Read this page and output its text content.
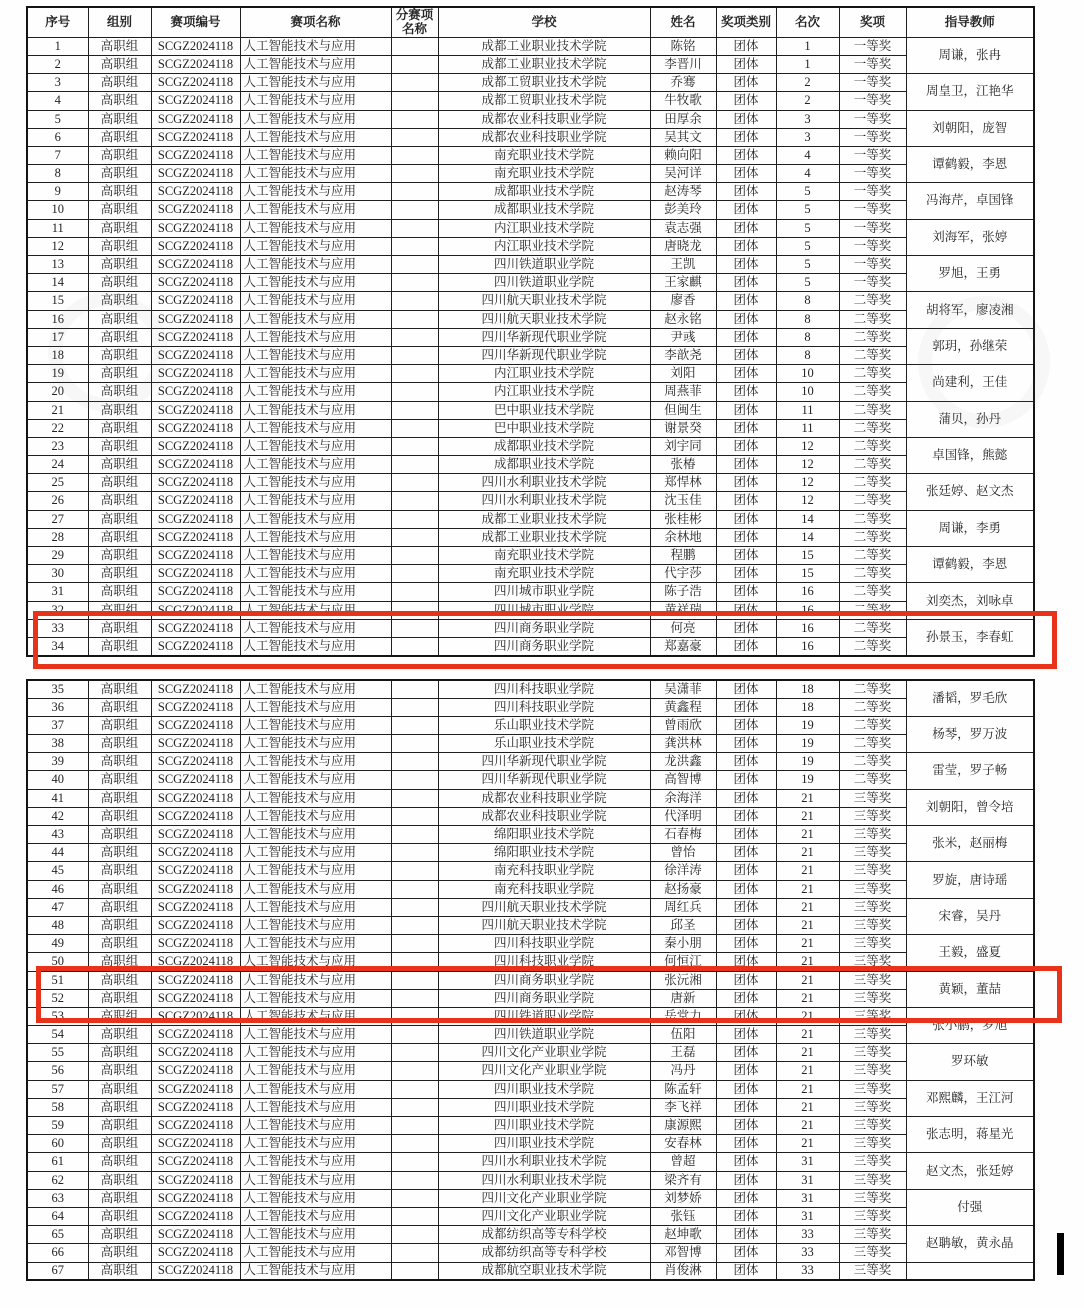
序号	组别	赛项编号	赛项名称	分赛项名称	学校	姓名	奖项类别	名次	奖项	指导教师
1	高职组	SCGZ2024118	人工智能技术与应用		成都工业职业技术学院	陈铭	团体	1	一等奖	周谦，张冉
2	高职组	SCGZ2024118	人工智能技术与应用		成都工业职业技术学院	李晋川	团体	1	一等奖	
3	高职组	SCGZ2024118	人工智能技术与应用		成都工贸职业技术学院	乔骞	团体	2	一等奖	周皇卫，江艳华
4	高职组	SCGZ2024118	人工智能技术与应用		成都工贸职业技术学院	牛牧歌	团体	2	一等奖	
5	高职组	SCGZ2024118	人工智能技术与应用		成都农业科技职业学院	田厚余	团体	3	一等奖	刘朝阳，庞智
6	高职组	SCGZ2024118	人工智能技术与应用		成都农业科技职业学院	吴其文	团体	3	一等奖	
7	高职组	SCGZ2024118	人工智能技术与应用		南充职业技术学院	赖向阳	团体	4	一等奖	谭鹤毅，李恩
8	高职组	SCGZ2024118	人工智能技术与应用		南充职业技术学院	吴河详	团体	4	一等奖	
9	高职组	SCGZ2024118	人工智能技术与应用		成都职业技术学院	赵涛琴	团体	5	一等奖	冯海芹，卓国锋
10	高职组	SCGZ2024118	人工智能技术与应用		成都职业技术学院	彭美玲	团体	5	一等奖	
11	高职组	SCGZ2024118	人工智能技术与应用		内江职业技术学院	袁志强	团体	5	一等奖	刘海军，张婷
12	高职组	SCGZ2024118	人工智能技术与应用		内江职业技术学院	唐晓龙	团体	5	一等奖	
13	高职组	SCGZ2024118	人工智能技术与应用		四川铁道职业学院	王凯	团体	5	一等奖	罗旭，王勇
14	高职组	SCGZ2024118	人工智能技术与应用		四川铁道职业学院	王家麒	团体	5	一等奖	
15	高职组	SCGZ2024118	人工智能技术与应用		四川航天职业技术学院	廖香	团体	8	二等奖	胡将军，廖凌湘
16	高职组	SCGZ2024118	人工智能技术与应用		四川航天职业技术学院	赵永铭	团体	8	二等奖	
17	高职组	SCGZ2024118	人工智能技术与应用		四川华新现代职业学院	尹彧	团体	8	二等奖	郭玥，孙继荣
18	高职组	SCGZ2024118	人工智能技术与应用		四川华新现代职业学院	李歆尧	团体	8	二等奖	
19	高职组	SCGZ2024118	人工智能技术与应用		内江职业技术学院	刘阳	团体	10	二等奖	尚建利，王佳
20	高职组	SCGZ2024118	人工智能技术与应用		内江职业技术学院	周燕菲	团体	10	二等奖	
21	高职组	SCGZ2024118	人工智能技术与应用		巴中职业技术学院	但闽生	团体	11	二等奖	蒲贝，孙丹
22	高职组	SCGZ2024118	人工智能技术与应用		巴中职业技术学院	谢景癸	团体	11	二等奖	
23	高职组	SCGZ2024118	人工智能技术与应用		成都职业技术学院	刘宇同	团体	12	二等奖	卓国锋，熊懿
24	高职组	SCGZ2024118	人工智能技术与应用		成都职业技术学院	张椿	团体	12	二等奖	
25	高职组	SCGZ2024118	人工智能技术与应用		四川水利职业技术学院	郑悍林	团体	12	二等奖	张廷婷、赵文杰
26	高职组	SCGZ2024118	人工智能技术与应用		四川水利职业技术学院	沈玉佳	团体	12	二等奖	
27	高职组	SCGZ2024118	人工智能技术与应用		成都工业职业技术学院	张桂彬	团体	14	二等奖	周谦，李勇
28	高职组	SCGZ2024118	人工智能技术与应用		成都工业职业技术学院	余林地	团体	14	二等奖	
29	高职组	SCGZ2024118	人工智能技术与应用		南充职业技术学院	程鹏	团体	15	二等奖	谭鹤毅，李恩
30	高职组	SCGZ2024118	人工智能技术与应用		南充职业技术学院	代宇莎	团体	15	二等奖	
31	高职组	SCGZ2024118	人工智能技术与应用		四川城市职业学院	陈子浩	团体	16	二等奖	刘奕杰，刘咏卓
32	高职组	SCGZ2024118	人工智能技术与应用		四川城市职业学院	黄祥瑞	团体	16	二等奖	
33	高职组	SCGZ2024118	人工智能技术与应用		四川商务职业学院	何亮	团体	16	二等奖	孙景玉，李春虹
34	高职组	SCGZ2024118	人工智能技术与应用		四川商务职业学院	郑嘉豪	团体	16	二等奖	
35	高职组	SCGZ2024118	人工智能技术与应用		四川科技职业学院	吴潇菲	团体	18	二等奖	潘韬，罗毛欣
36	高职组	SCGZ2024118	人工智能技术与应用		四川科技职业学院	黄鑫程	团体	18	二等奖	
37	高职组	SCGZ2024118	人工智能技术与应用		乐山职业技术学院	曾雨欣	团体	19	二等奖	杨琴，罗万波
38	高职组	SCGZ2024118	人工智能技术与应用		乐山职业技术学院	龚洪林	团体	19	二等奖	
39	高职组	SCGZ2024118	人工智能技术与应用		四川华新现代职业学院	龙洪鑫	团体	19	二等奖	雷莹，罗子畅
40	高职组	SCGZ2024118	人工智能技术与应用		四川华新现代职业学院	高智博	团体	19	二等奖	
41	高职组	SCGZ2024118	人工智能技术与应用		成都农业科技职业学院	余海洋	团体	21	三等奖	刘朝阳，曾令培
42	高职组	SCGZ2024118	人工智能技术与应用		成都农业科技职业学院	代泽明	团体	21	三等奖	
43	高职组	SCGZ2024118	人工智能技术与应用		绵阳职业技术学院	石春梅	团体	21	三等奖	张米，赵丽梅
44	高职组	SCGZ2024118	人工智能技术与应用		绵阳职业技术学院	曾怡	团体	21	三等奖	
45	高职组	SCGZ2024118	人工智能技术与应用		南充科技职业学院	徐洋涛	团体	21	三等奖	罗旋，唐诗瑶
46	高职组	SCGZ2024118	人工智能技术与应用		南充科技职业学院	赵扬豪	团体	21	三等奖	
47	高职组	SCGZ2024118	人工智能技术与应用		四川航天职业技术学院	周红兵	团体	21	三等奖	宋睿，吴丹
48	高职组	SCGZ2024118	人工智能技术与应用		四川航天职业技术学院	邱圣	团体	21	三等奖	
49	高职组	SCGZ2024118	人工智能技术与应用		四川科技职业学院	秦小朋	团体	21	三等奖	王毅，盛夏
50	高职组	SCGZ2024118	人工智能技术与应用		四川科技职业学院	何恒江	团体	21	三等奖	
51	高职组	SCGZ2024118	人工智能技术与应用		四川商务职业学院	张沅湘	团体	21	三等奖	黄颖，董喆
52	高职组	SCGZ2024118	人工智能技术与应用		四川商务职业学院	唐新	团体	21	三等奖	
53	高职组	SCGZ2024118	人工智能技术与应用		四川铁道职业学院	岳堂力	团体	21	三等奖	张小鹏，罗旭
54	高职组	SCGZ2024118	人工智能技术与应用		四川铁道职业学院	伍阳	团体	21	三等奖	
55	高职组	SCGZ2024118	人工智能技术与应用		四川文化产业职业学院	王磊	团体	21	三等奖	罗环敏
56	高职组	SCGZ2024118	人工智能技术与应用		四川文化产业职业学院	冯丹	团体	21	三等奖	
57	高职组	SCGZ2024118	人工智能技术与应用		四川职业技术学院	陈孟轩	团体	21	三等奖	邓熙麟，王江河
58	高职组	SCGZ2024118	人工智能技术与应用		四川职业技术学院	李飞祥	团体	21	三等奖	
59	高职组	SCGZ2024118	人工智能技术与应用		四川职业技术学院	康源熙	团体	21	三等奖	张志明，蒋星光
60	高职组	SCGZ2024118	人工智能技术与应用		四川职业技术学院	安春林	团体	21	三等奖	
61	高职组	SCGZ2024118	人工智能技术与应用		四川水利职业技术学院	曾超	团体	31	三等奖	赵文杰，张廷婷
62	高职组	SCGZ2024118	人工智能技术与应用		四川水利职业技术学院	梁齐有	团体	31	三等奖	
63	高职组	SCGZ2024118	人工智能技术与应用		四川文化产业职业学院	刘梦娇	团体	31	三等奖	付强
64	高职组	SCGZ2024118	人工智能技术与应用		四川文化产业职业学院	张钰	团体	31	三等奖	
65	高职组	SCGZ2024118	人工智能技术与应用		成都纺织高等专科学校	赵坤歌	团体	33	三等奖	赵聃敏，黄永晶
66	高职组	SCGZ2024118	人工智能技术与应用		成都纺织高等专科学校	邓智博	团体	33	三等奖	
67	高职组	SCGZ2024118	人工智能技术与应用		成都航空职业技术学院	肖俊淋	团体	33	三等奖	
